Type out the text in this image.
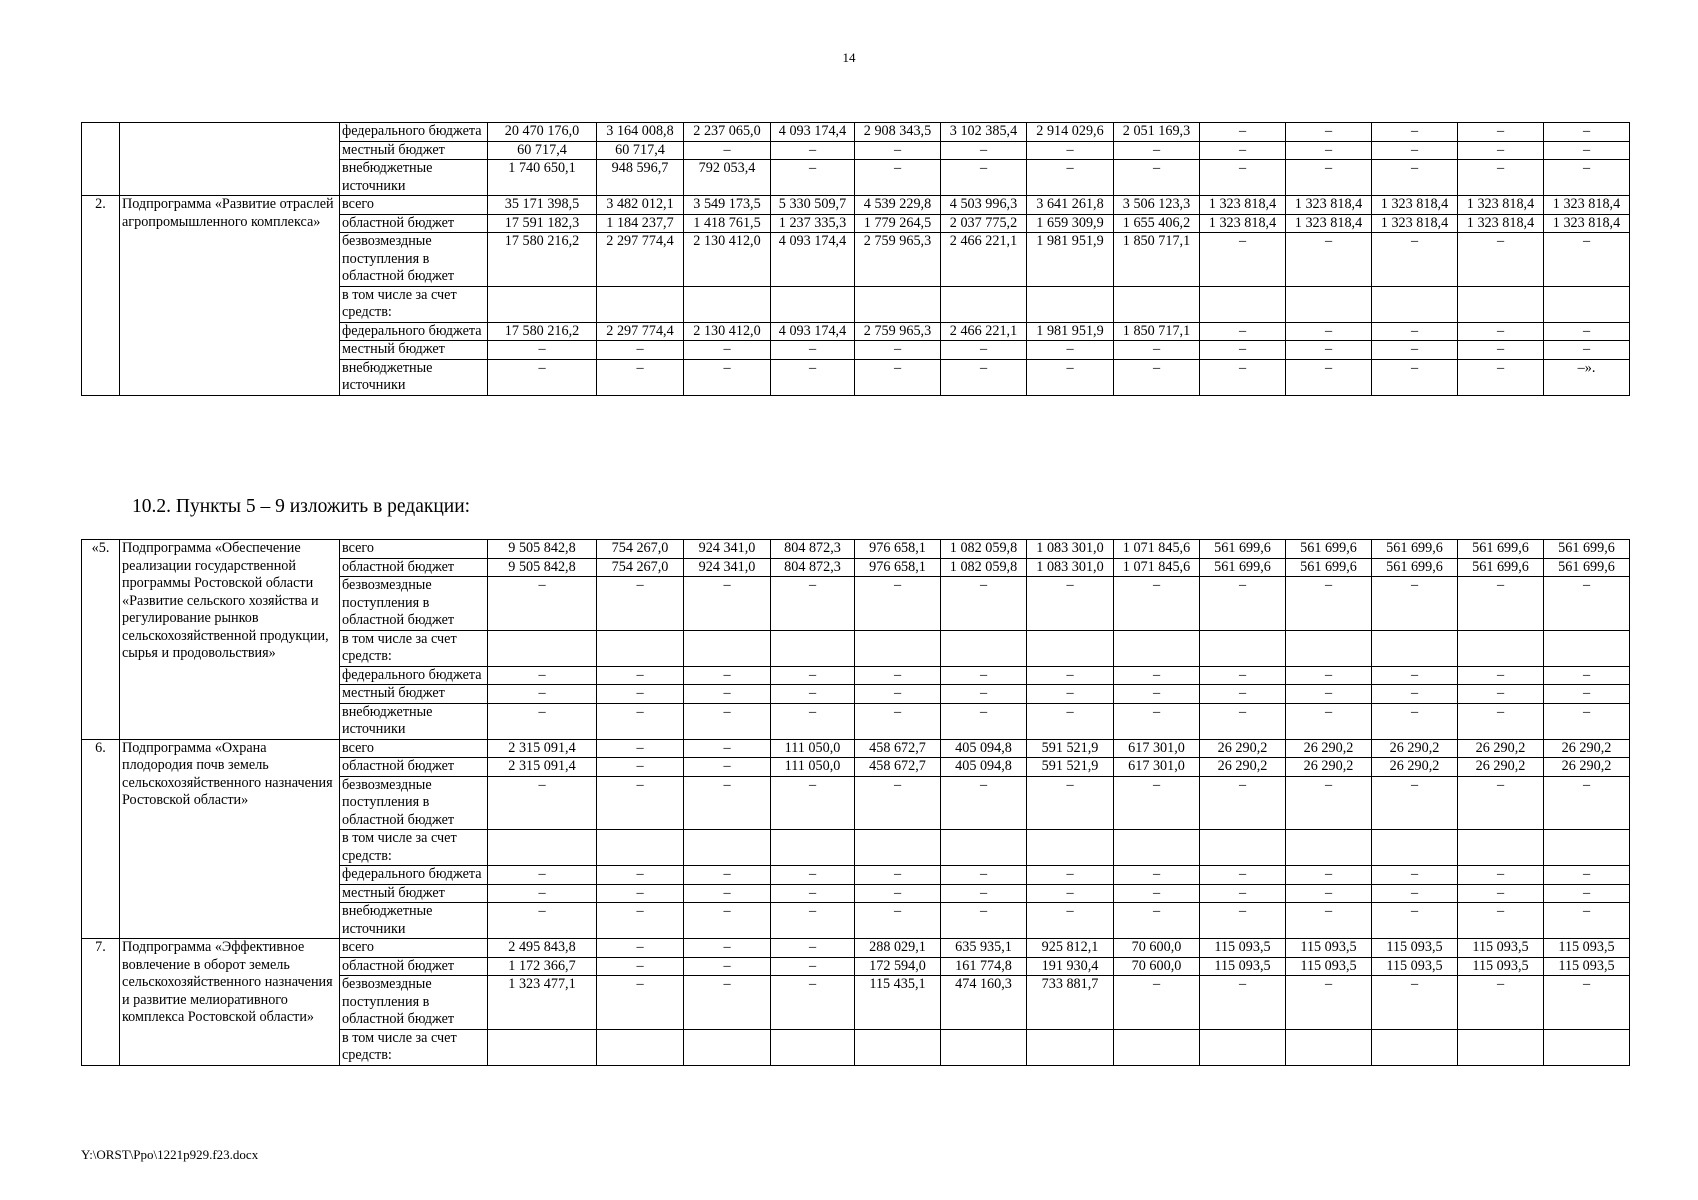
14
		федерального бюджета	20 470 176,0	3 164 008,8	2 237 065,0	4 093 174,4	2 908 343,5	3 102 385,4	2 914 029,6	2 051 169,3	–	–	–	–	–
		местный бюджет	60 717,4	60 717,4	–	–	–	–	–	–	–	–	–	–	–
		внебюджетные источники	1 740 650,1	948 596,7	792 053,4	–	–	–	–	–	–	–	–	–	–
2.	Подпрограмма «Развитие отраслей агропромышленного комплекса»	всего	35 171 398,5	3 482 012,1	3 549 173,5	5 330 509,7	4 539 229,8	4 503 996,3	3 641 261,8	3 506 123,3	1 323 818,4	1 323 818,4	1 323 818,4	1 323 818,4	1 323 818,4
		областной бюджет	17 591 182,3	1 184 237,7	1 418 761,5	1 237 335,3	1 779 264,5	2 037 775,2	1 659 309,9	1 655 406,2	1 323 818,4	1 323 818,4	1 323 818,4	1 323 818,4	1 323 818,4
		безвозмездные поступления в областной бюджет	17 580 216,2	2 297 774,4	2 130 412,0	4 093 174,4	2 759 965,3	2 466 221,1	1 981 951,9	1 850 717,1	–	–	–	–	–
		в том числе за счет средств:													
		федерального бюджета	17 580 216,2	2 297 774,4	2 130 412,0	4 093 174,4	2 759 965,3	2 466 221,1	1 981 951,9	1 850 717,1	–	–	–	–	–
		местный бюджет	–	–	–	–	–	–	–	–	–	–	–	–	–
		внебюджетные источники	–	–	–	–	–	–	–	–	–	–	–	–	–».
10.2. Пункты 5 – 9 изложить в редакции:
«5.	Подпрограмма «Обеспечение реализации государственной программы Ростовской области «Развитие сельского хозяйства и регулирование рынков сельскохозяйственной продукции, сырья и продовольствия»	всего	9 505 842,8	754 267,0	924 341,0	804 872,3	976 658,1	1 082 059,8	1 083 301,0	1 071 845,6	561 699,6	561 699,6	561 699,6	561 699,6	561 699,6
		областной бюджет	9 505 842,8	754 267,0	924 341,0	804 872,3	976 658,1	1 082 059,8	1 083 301,0	1 071 845,6	561 699,6	561 699,6	561 699,6	561 699,6	561 699,6
		безвозмездные поступления в областной бюджет	–	–	–	–	–	–	–	–	–	–	–	–	–
		в том числе за счет средств:													
		федерального бюджета	–	–	–	–	–	–	–	–	–	–	–	–	–
		местный бюджет	–	–	–	–	–	–	–	–	–	–	–	–	–
		внебюджетные источники	–	–	–	–	–	–	–	–	–	–	–	–	–
6.	Подпрограмма «Охрана плодородия почв земель сельскохозяйственного назначения Ростовской области»	всего	2 315 091,4	–	–	111 050,0	458 672,7	405 094,8	591 521,9	617 301,0	26 290,2	26 290,2	26 290,2	26 290,2	26 290,2
		областной бюджет	2 315 091,4	–	–	111 050,0	458 672,7	405 094,8	591 521,9	617 301,0	26 290,2	26 290,2	26 290,2	26 290,2	26 290,2
		безвозмездные поступления в областной бюджет	–	–	–	–	–	–	–	–	–	–	–	–	–
		в том числе за счет средств:													
		федерального бюджета	–	–	–	–	–	–	–	–	–	–	–	–	–
		местный бюджет	–	–	–	–	–	–	–	–	–	–	–	–	–
		внебюджетные источники	–	–	–	–	–	–	–	–	–	–	–	–	–
7.	Подпрограмма «Эффективное вовлечение в оборот земель сельскохозяйственного назначения и развитие мелиоративного комплекса Ростовской области»	всего	2 495 843,8	–	–	–	288 029,1	635 935,1	925 812,1	70 600,0	115 093,5	115 093,5	115 093,5	115 093,5	115 093,5
		областной бюджет	1 172 366,7	–	–	–	172 594,0	161 774,8	191 930,4	70 600,0	115 093,5	115 093,5	115 093,5	115 093,5	115 093,5
		безвозмездные поступления в областной бюджет	1 323 477,1	–	–	–	115 435,1	474 160,3	733 881,7	–	–	–	–	–	–
		в том числе за счет средств:													
Y:\ORST\Ppo\1221p929.f23.docx
